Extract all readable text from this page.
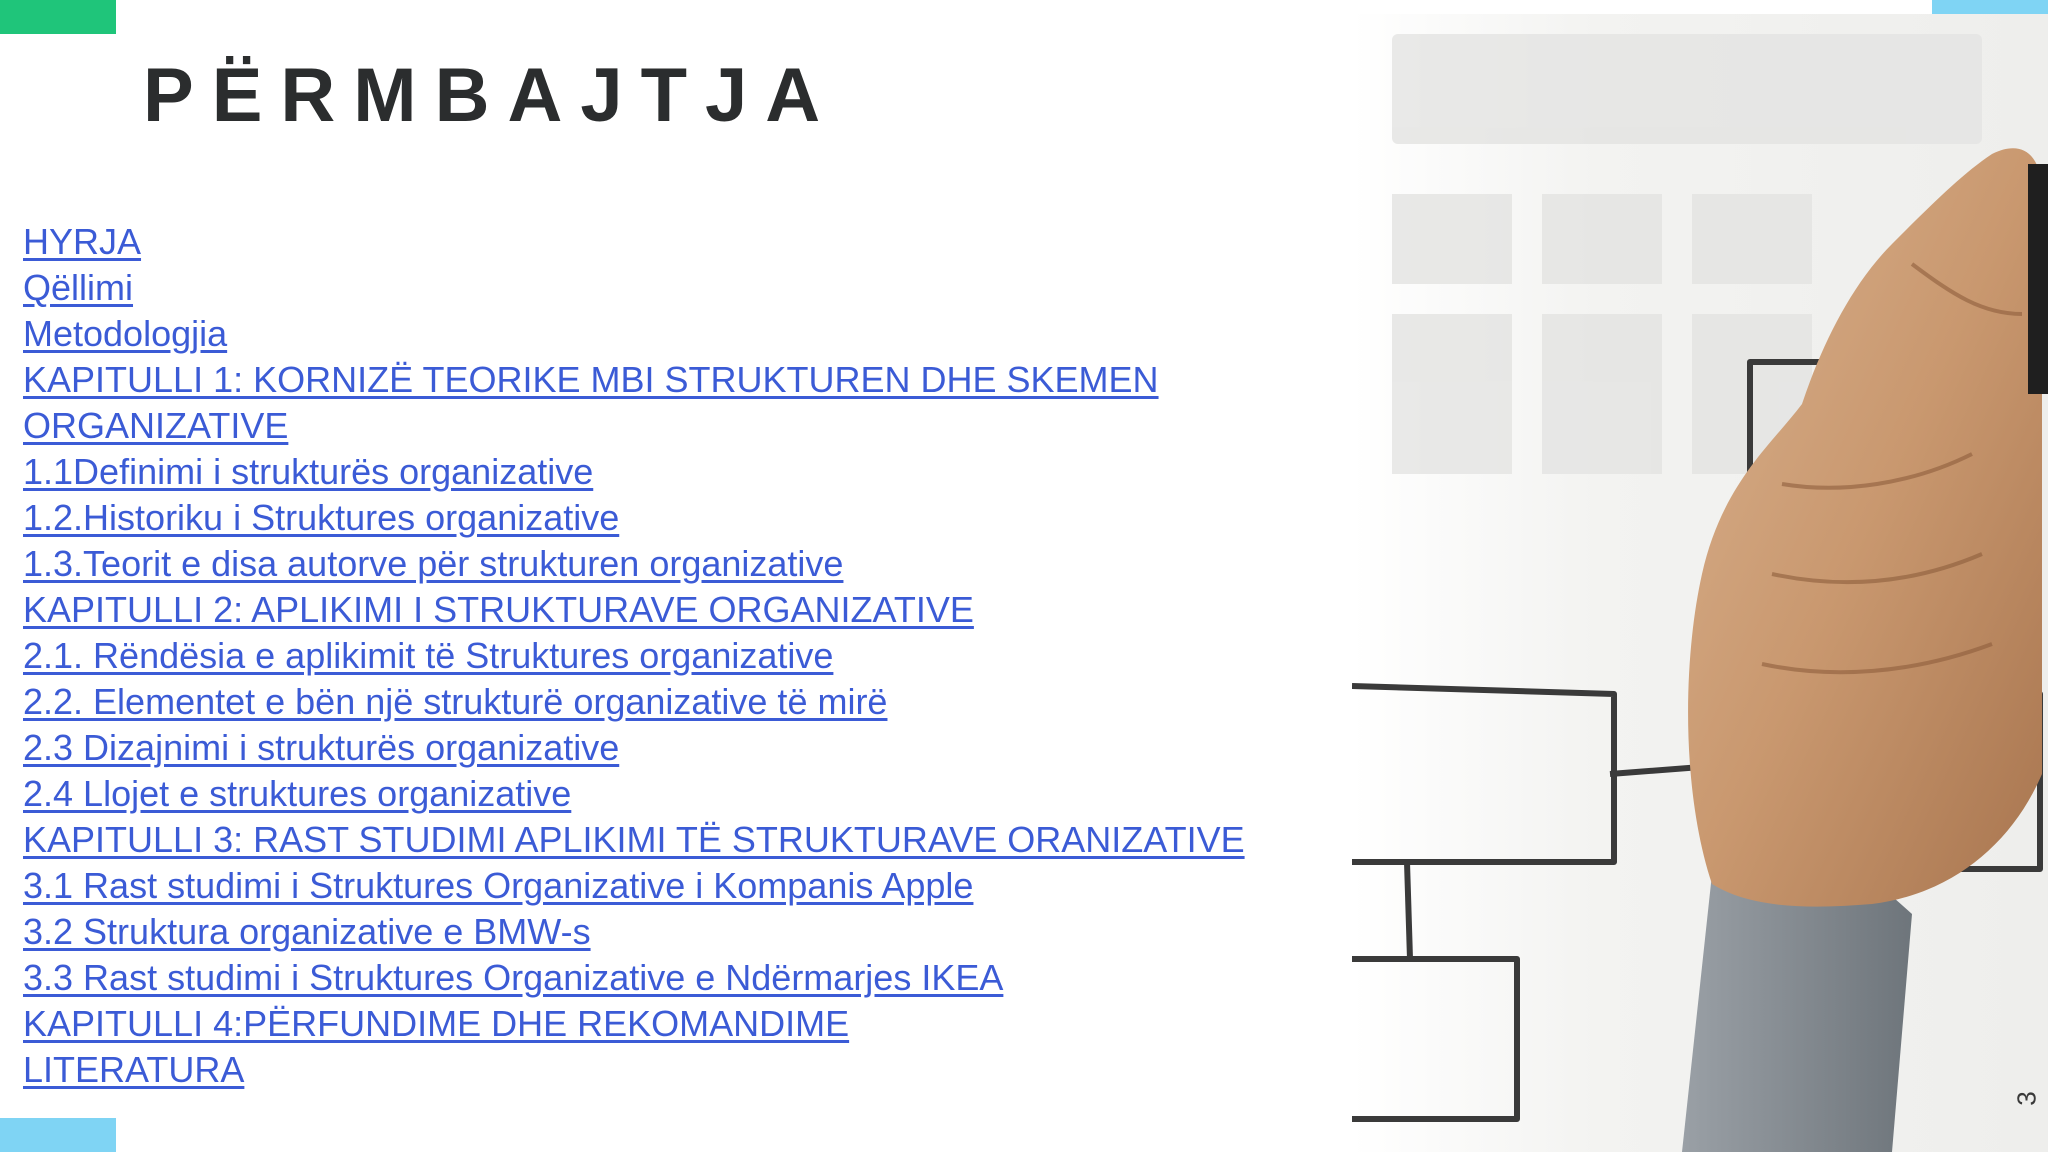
PËRMBAJTJA
HYRJA
Qëllimi
Metodologjia
KAPITULLI 1: KORNIZË TEORIKE MBI STRUKTUREN DHE SKEMEN
ORGANIZATIVE
1.1Definimi i strukturës organizative
1.2.Historiku i Struktures organizative
1.3.Teorit e disa autorve për strukturen organizative
KAPITULLI 2: APLIKIMI I STRUKTURAVE ORGANIZATIVE
2.1. Rëndësia e aplikimit të Struktures organizative
2.2. Elementet e bën një strukturë organizative të mirë
2.3 Dizajnimi i strukturës organizative
2.4 Llojet e struktures organizative
KAPITULLI 3: RAST STUDIMI APLIKIMI TË STRUKTURAVE ORANIZATIVE
3.1 Rast studimi i Struktures Organizative i Kompanis Apple
3.2 Struktura organizative e BMW-s
3.3 Rast studimi i Struktures Organizative e Ndërmarjes IKEA
KAPITULLI 4:PËRFUNDIME DHE REKOMANDIME
LITERATURA
3
